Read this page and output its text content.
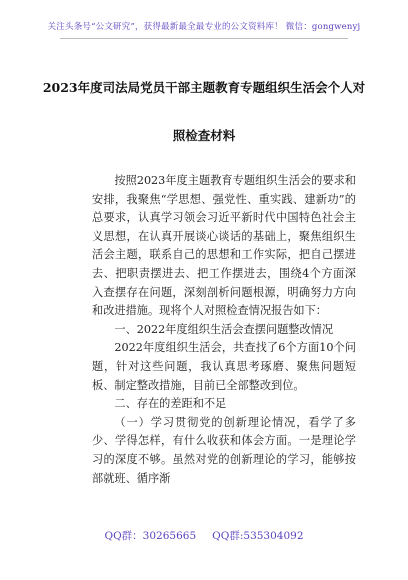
关注头条号“公文研究”，获得最新最全最专业的公文资料库！ 微信：gongwenyj
2023年度司法局党员干部主题教育专题组织生活会个人对
照检查材料

按照2023年度主题教育专题组织生活会的要求和安排，我聚焦“学思想、强党性、重实践、建新功”的总要求，认真学习领会习近平新时代中国特色社会主义思想，在认真开展谈心谈话的基础上，聚焦组织生活会主题，联系自己的思想和工作实际，把自己摆进去、把职责摆进去、把工作摆进去，围绕4个方面深入查摆存在问题，深刻剖析问题根源，明确努力方向和改进措施。现将个人对照检查情况报告如下：

一、2022年度组织生活会查摆问题整改情况

2022年度组织生活会，共查找了6个方面10个问题，针对这些问题，我认真思考琢磨、聚焦问题短板、制定整改措施，目前已全部整改到位。

二、存在的差距和不足

（一）学习贯彻党的创新理论情况，看学了多少、学得怎样，有什么收获和体会方面。一是理论学习的深度不够。虽然对党的创新理论的学习，能够按部就班、循序渐

QQ群：30265665 QQ群:535304092
